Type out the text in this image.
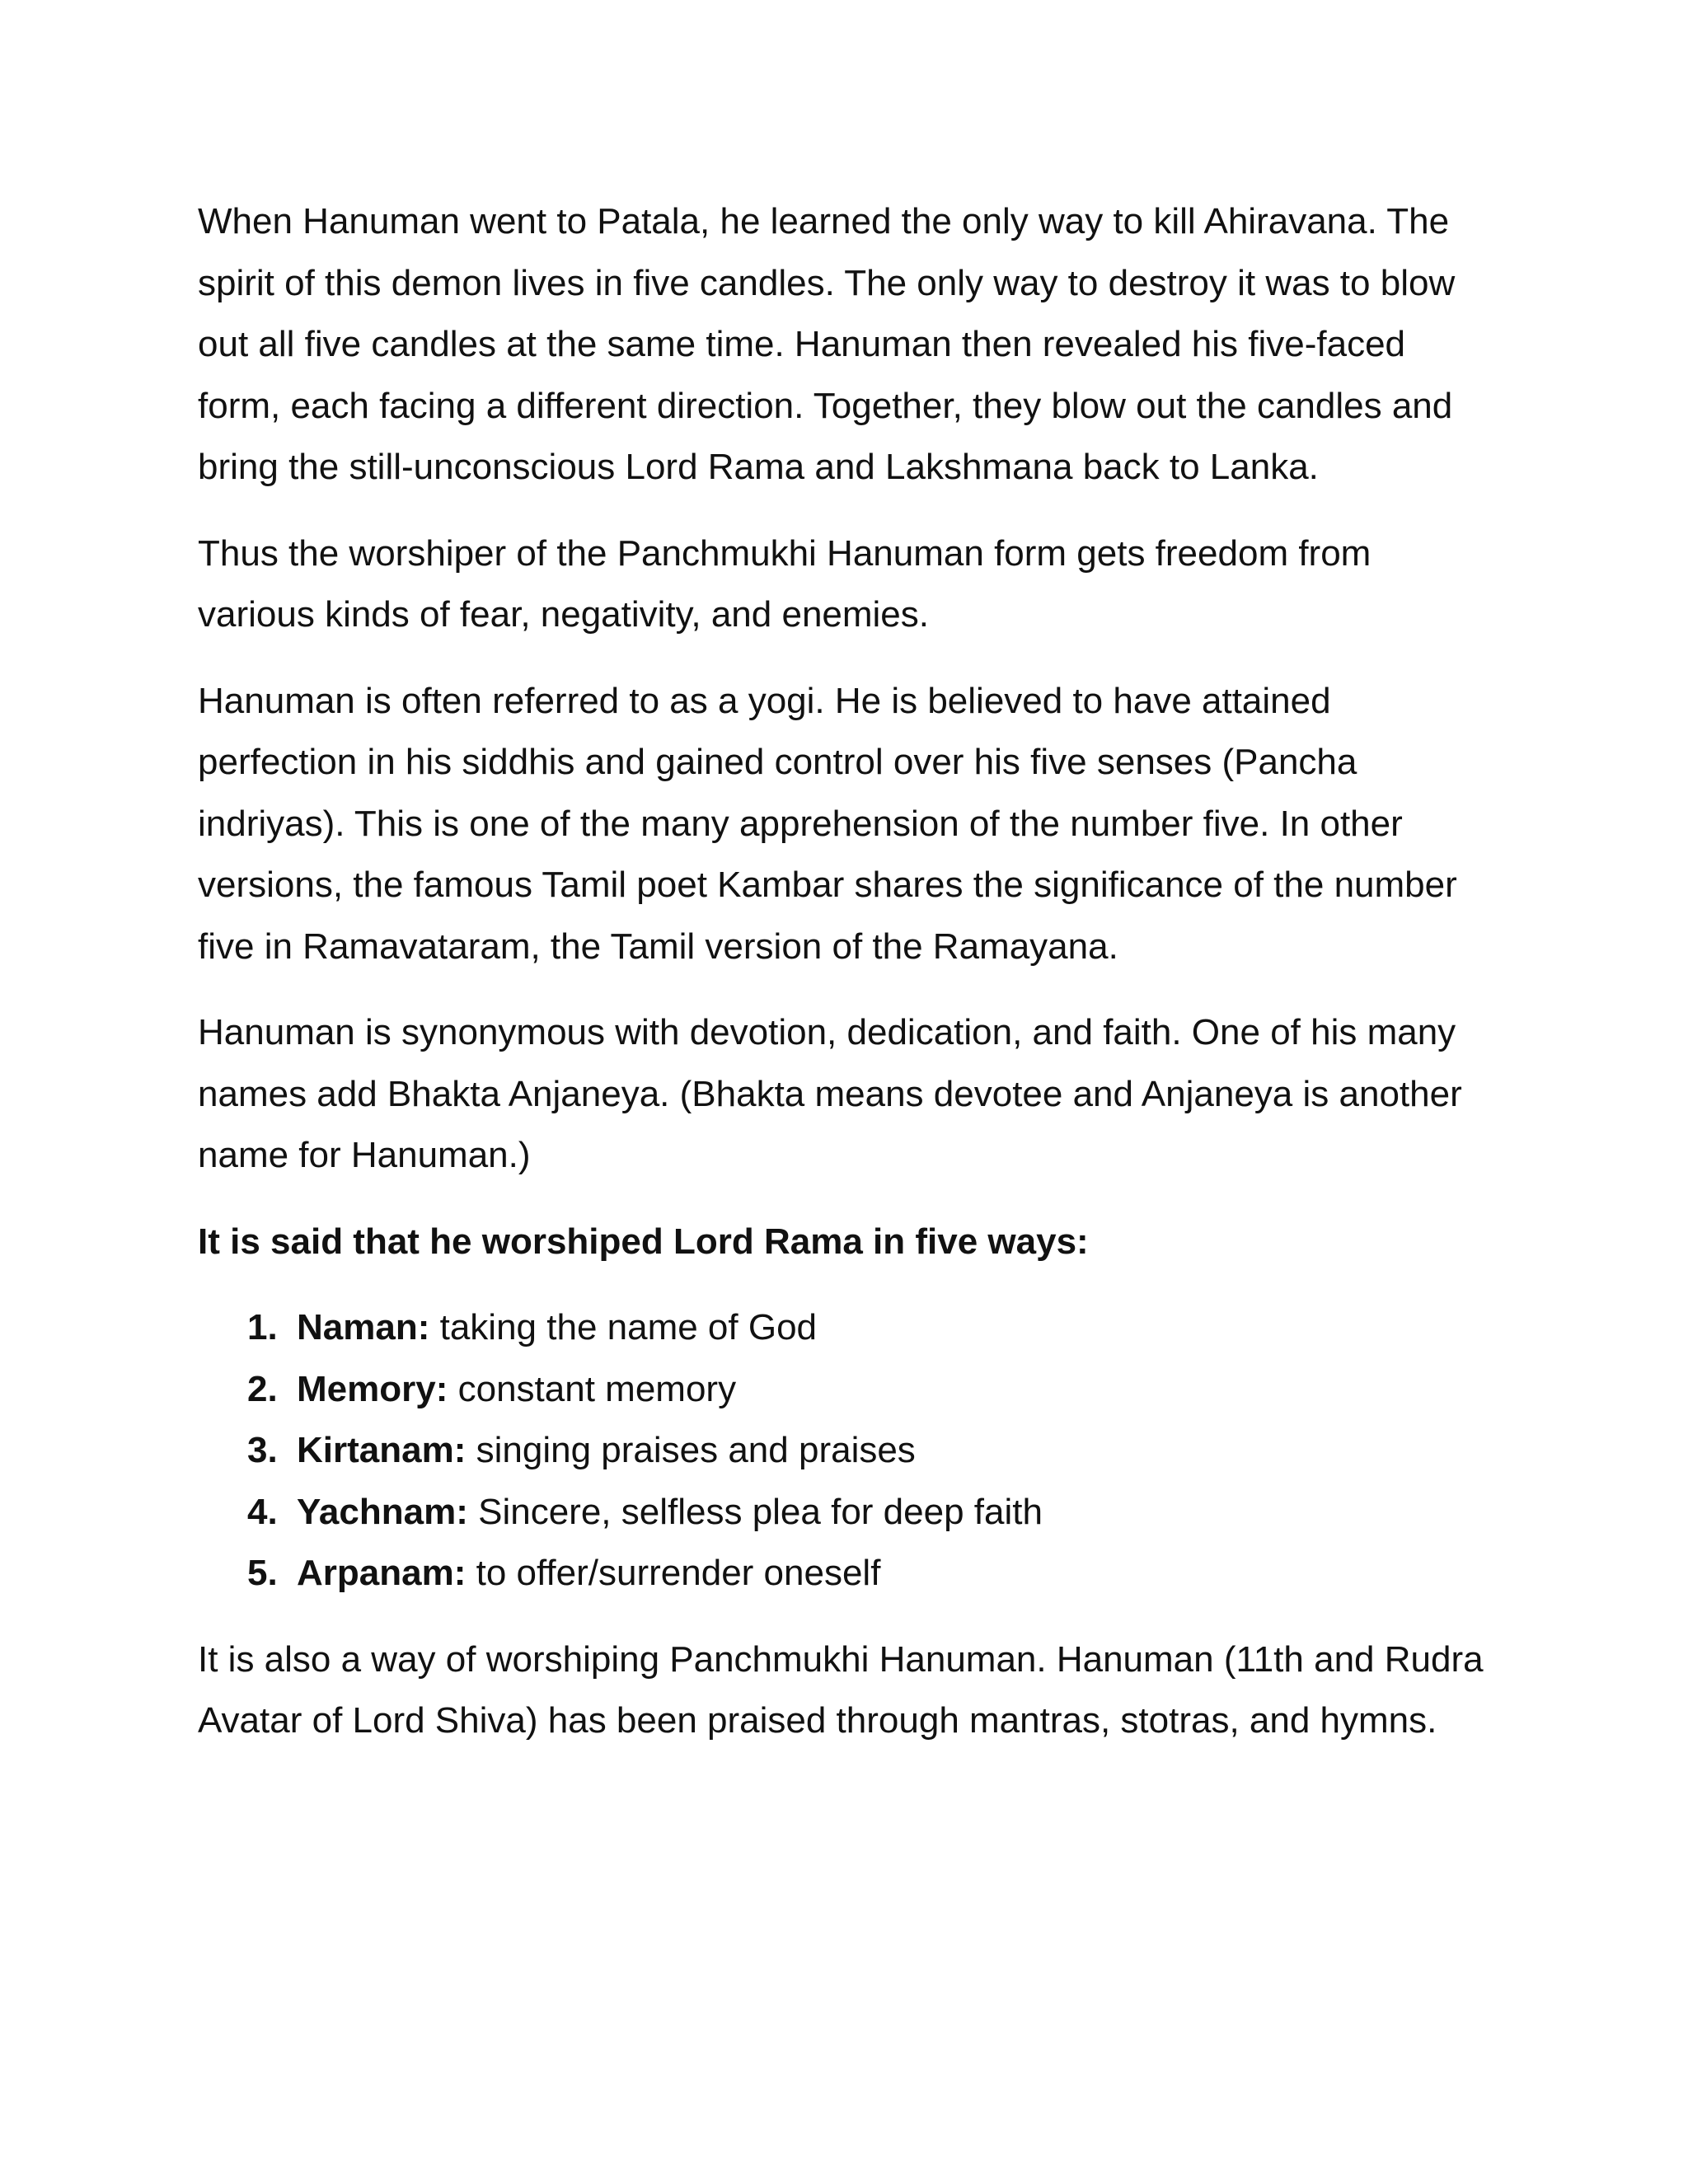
When Hanuman went to Patala, he learned the only way to kill Ahiravana. The spirit of this demon lives in five candles. The only way to destroy it was to blow out all five candles at the same time. Hanuman then revealed his five-faced form, each facing a different direction. Together, they blow out the candles and bring the still-unconscious Lord Rama and Lakshmana back to Lanka.

Thus the worshiper of the Panchmukhi Hanuman form gets freedom from various kinds of fear, negativity, and enemies.

Hanuman is often referred to as a yogi. He is believed to have attained perfection in his siddhis and gained control over his five senses (Pancha indriyas). This is one of the many apprehension of the number five. In other versions, the famous Tamil poet Kambar shares the significance of the number five in Ramavataram, the Tamil version of the Ramayana.

Hanuman is synonymous with devotion, dedication, and faith. One of his many names add Bhakta Anjaneya. (Bhakta means devotee and Anjaneya is another name for Hanuman.)

It is said that he worshiped Lord Rama in five ways:

1. Naman: taking the name of God
2. Memory: constant memory
3. Kirtanam: singing praises and praises
4. Yachnam: Sincere, selfless plea for deep faith
5. Arpanam: to offer/surrender oneself

It is also a way of worshiping Panchmukhi Hanuman. Hanuman (11th and Rudra Avatar of Lord Shiva) has been praised through mantras, stotras, and hymns.
